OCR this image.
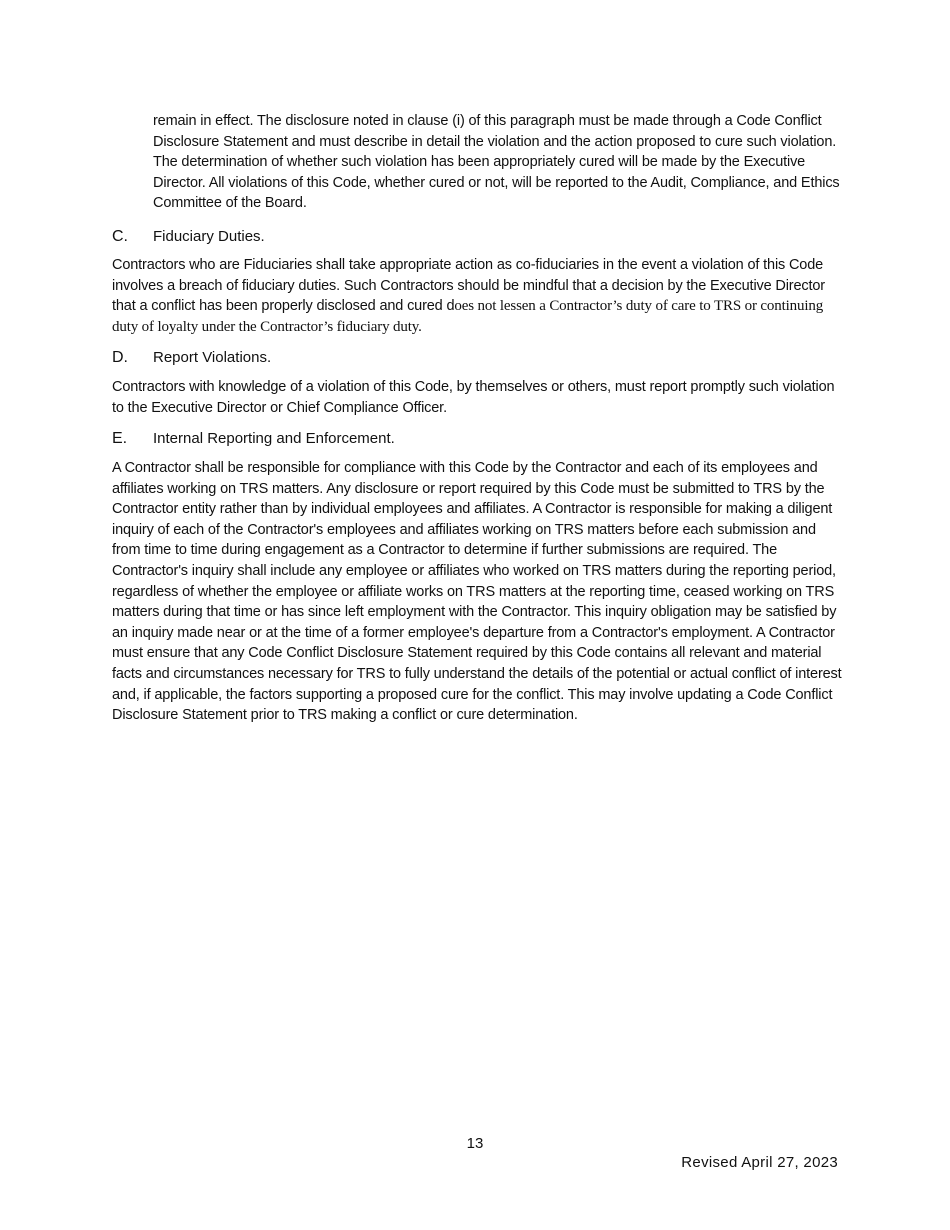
remain in effect. The disclosure noted in clause (i) of this paragraph must be made through a Code Conflict Disclosure Statement and must describe in detail the violation and the action proposed to cure such violation. The determination of whether such violation has been appropriately cured will be made by the Executive Director. All violations of this Code, whether cured or not, will be reported to the Audit, Compliance, and Ethics Committee of the Board.

C.	Fiduciary Duties.

Contractors who are Fiduciaries shall take appropriate action as co-fiduciaries in the event a violation of this Code involves a breach of fiduciary duties. Such Contractors should be mindful that a decision by the Executive Director that a conflict has been properly disclosed and cured does not lessen a Contractor’s duty of care to TRS or continuing duty of loyalty under the Contractor’s fiduciary duty.

D.	Report Violations.

Contractors with knowledge of a violation of this Code, by themselves or others, must report promptly such violation to the Executive Director or Chief Compliance Officer.

E.	Internal Reporting and Enforcement.

A Contractor shall be responsible for compliance with this Code by the Contractor and each of its employees and affiliates working on TRS matters. Any disclosure or report required by this Code must be submitted to TRS by the Contractor entity rather than by individual employees and affiliates. A Contractor is responsible for making a diligent inquiry of each of the Contractor's employees and affiliates working on TRS matters before each submission and from time to time during engagement as a Contractor to determine if further submissions are required. The Contractor's inquiry shall include any employee or affiliates who worked on TRS matters during the reporting period, regardless of whether the employee or affiliate works on TRS matters at the reporting time, ceased working on TRS matters during that time or has since left employment with the Contractor. This inquiry obligation may be satisfied by an inquiry made near or at the time of a former employee's departure from a Contractor's employment. A Contractor must ensure that any Code Conflict Disclosure Statement required by this Code contains all relevant and material facts and circumstances necessary for TRS to fully understand the details of the potential or actual conflict of interest and, if applicable, the factors supporting a proposed cure for the conflict. This may involve updating a Code Conflict Disclosure Statement prior to TRS making a conflict or cure determination.

13
Revised April 27, 2023
